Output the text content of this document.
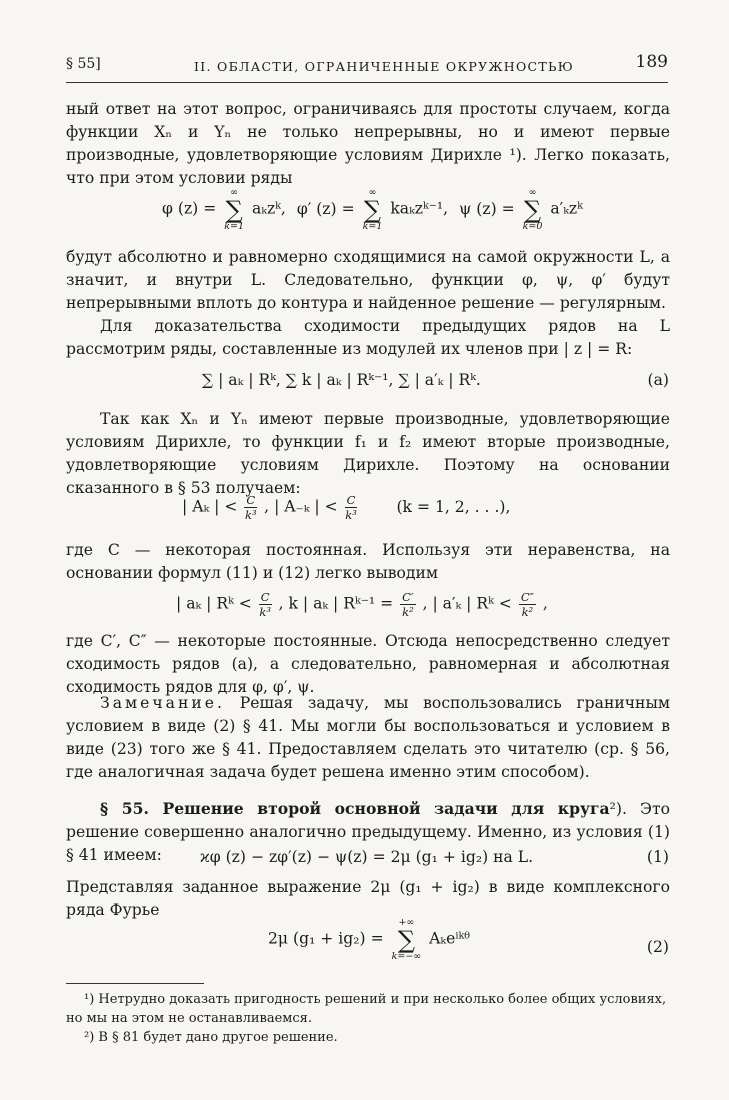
§ 55]	II. ОБЛАСТИ, ОГРАНИЧЕННЫЕ ОКРУЖНОСТЬЮ	189
ный ответ на этот вопрос, ограничиваясь для простоты случаем, когда функции Xₙ и Yₙ не только непрерывны, но и имеют первые производные, удовлетворяющие условиям Дирихле ¹). Легко показать, что при этом условии ряды
φ (z) =
∞
∑
k=1
aₖzᵏ, φ′ (z) =
∞
∑
k=1
kaₖzᵏ⁻¹, ψ (z) =
∞
∑
k=0
a′ₖzᵏ
будут абсолютно и равномерно сходящимися на самой окружности L, а значит, и внутри L. Следовательно, функции φ, ψ, φ′ будут непрерывными вплоть до контура и найденное решение — регулярным.
Для доказательства сходимости предыдущих рядов на L рассмотрим ряды, составленные из модулей их членов при | z | = R:
∑ | aₖ | Rᵏ, ∑ k | aₖ | Rᵏ⁻¹, ∑ | a′ₖ | Rᵏ.	(a)
Так как Xₙ и Yₙ имеют первые производные, удовлетворяющие условиям Дирихле, то функции f₁ и f₂ имеют вторые производные, удовлетворяющие условиям Дирихле. Поэтому на основании сказанного в § 53 получаем:
| Aₖ | < $\frac{C}{\text{k³}}$ , | A₋ₖ | < $\frac{C}{\text{k³}} (k = 1$, 2, . . .),
где C — некоторая постоянная. Используя эти неравенства, на основании формул (11) и (12) легко выводим
| aₖ | Rᵏ < $\frac{C}{\text{k³}}$ , k | aₖ | Rᵏ⁻¹ = $\frac{C'}{\text{k²}}$ , | a′ₖ | Rᵏ < $\frac{C''}{\text{k²}}$ ,
где C′, C″ — некоторые постоянные. Отсюда непосредственно следует сходимость рядов (a), а следовательно, равномерная и абсолютная сходимость рядов для φ, φ′, ψ.
Замечание. Решая задачу, мы воспользовались граничным условием в виде (2) § 41. Мы могли бы воспользоваться и условием в виде (23) того же § 41. Предоставляем сделать это читателю (ср. § 56, где аналогичная задача будет решена именно этим способом).
§ 55. Решение второй основной задачи для круга²). Это решение совершенно аналогично предыдущему. Именно, из условия (1) § 41 имеем:	ϰφ (z) − zφ′(z) − ψ(z) = 2μ (g₁ + ig₂) на L.	(1)
Представляя заданное выражение 2μ (g₁ + ig₂) в виде комплексного ряда Фурье
2μ (g₁ + ig₂) =
+∞
∑
k=−∞
Aₖeⁱᵏᶿ	(2)
¹) Нетрудно доказать пригодность решений и при несколько более общих условиях, но мы на этом не останавливаемся.
²) В § 81 будет дано другое решение.
